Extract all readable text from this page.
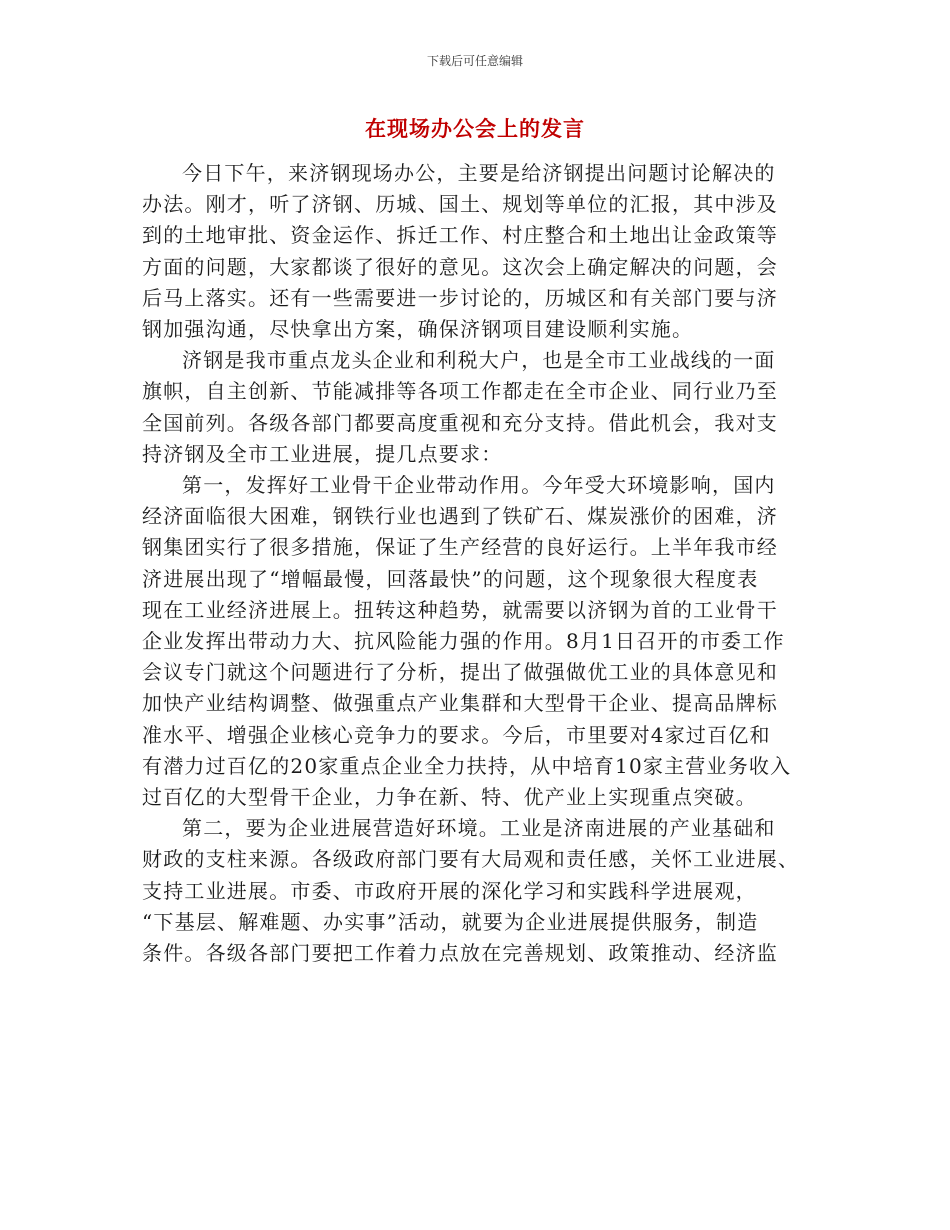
下载后可任意编辑
在现场办公会上的发言

今日下午，来济钢现场办公，主要是给济钢提出问题讨论解决的
办法。刚才，听了济钢、历城、国土、规划等单位的汇报，其中涉及
到的土地审批、资金运作、拆迁工作、村庄整合和土地出让金政策等
方面的问题，大家都谈了很好的意见。这次会上确定解决的问题，会
后马上落实。还有一些需要进一步讨论的，历城区和有关部门要与济
钢加强沟通，尽快拿出方案，确保济钢项目建设顺利实施。

济钢是我市重点龙头企业和利税大户，也是全市工业战线的一面
旗帜，自主创新、节能减排等各项工作都走在全市企业、同行业乃至
全国前列。各级各部门都要高度重视和充分支持。借此机会，我对支
持济钢及全市工业进展，提几点要求：

第一，发挥好工业骨干企业带动作用。今年受大环境影响，国内
经济面临很大困难，钢铁行业也遇到了铁矿石、煤炭涨价的困难，济
钢集团实行了很多措施，保证了生产经营的良好运行。上半年我市经
济进展出现了“增幅最慢，回落最快”的问题，这个现象很大程度表
现在工业经济进展上。扭转这种趋势，就需要以济钢为首的工业骨干
企业发挥出带动力大、抗风险能力强的作用。8月1日召开的市委工作
会议专门就这个问题进行了分析，提出了做强做优工业的具体意见和
加快产业结构调整、做强重点产业集群和大型骨干企业、提高品牌标
准水平、增强企业核心竞争力的要求。今后，市里要对4家过百亿和
有潜力过百亿的20家重点企业全力扶持，从中培育10家主营业务收入
过百亿的大型骨干企业，力争在新、特、优产业上实现重点突破。

第二，要为企业进展营造好环境。工业是济南进展的产业基础和
财政的支柱来源。各级政府部门要有大局观和责任感，关怀工业进展、
支持工业进展。市委、市政府开展的深化学习和实践科学进展观，
“下基层、解难题、办实事”活动，就要为企业进展提供服务，制造
条件。各级各部门要把工作着力点放在完善规划、政策推动、经济监
